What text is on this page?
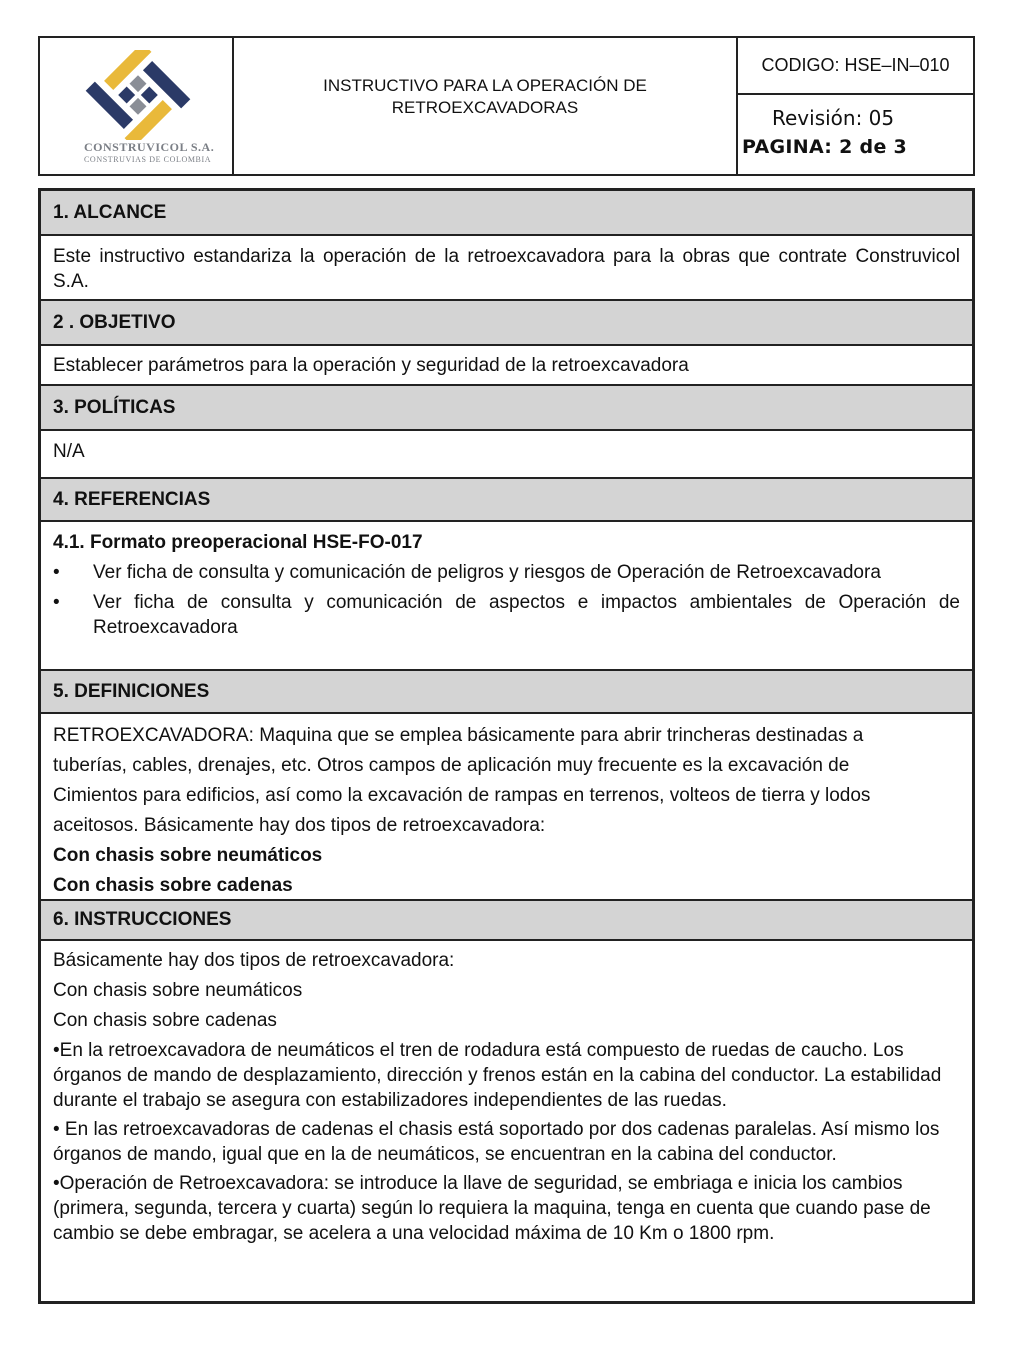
CONSTRUVICOL S.A.
CONSTRUVIAS DE COLOMBIA
INSTRUCTIVO PARA LA OPERACIÓN DE
RETROEXCAVADORAS
CODIGO: HSE–IN–010
Revisión: 05
PAGINA: 2 de 3
1. ALCANCE
Este instructivo estandariza la operación de la retroexcavadora para la obras que contrate Construvicol S.A.
2 . OBJETIVO
Establecer parámetros para la operación y seguridad de la retroexcavadora
3. POLÍTICAS
N/A
4. REFERENCIAS
4.1. Formato preoperacional HSE-FO-017
•	Ver ficha de consulta y comunicación de peligros y riesgos de Operación de Retroexcavadora
•	Ver ficha de consulta y comunicación de aspectos e impactos ambientales de Operación de Retroexcavadora
5. DEFINICIONES
RETROEXCAVADORA: Maquina que se emplea básicamente para abrir trincheras destinadas a
tuberías, cables, drenajes, etc. Otros campos de aplicación muy frecuente es la excavación de
Cimientos para edificios, así como la excavación de rampas en terrenos, volteos de tierra y lodos
aceitosos. Básicamente hay dos tipos de retroexcavadora:
Con chasis sobre neumáticos
Con chasis sobre cadenas
6. INSTRUCCIONES
Básicamente hay dos tipos de retroexcavadora:
Con chasis sobre neumáticos
Con chasis sobre cadenas

•En la retroexcavadora de neumáticos el tren de rodadura está compuesto de ruedas de caucho. Los órganos de mando de desplazamiento, dirección y frenos están en la cabina del conductor. La estabilidad durante el trabajo se asegura con estabilizadores independientes de las ruedas.

• En las retroexcavadoras de cadenas el chasis está soportado por dos cadenas paralelas. Así mismo los órganos de mando, igual que en la de neumáticos, se encuentran en la cabina del conductor.

•Operación de Retroexcavadora: se introduce la llave de seguridad, se embriaga e inicia los cambios (primera, segunda, tercera y cuarta) según lo requiera la maquina, tenga en cuenta que cuando pase de cambio se debe embragar, se acelera a una velocidad máxima de 10 Km o 1800 rpm.
